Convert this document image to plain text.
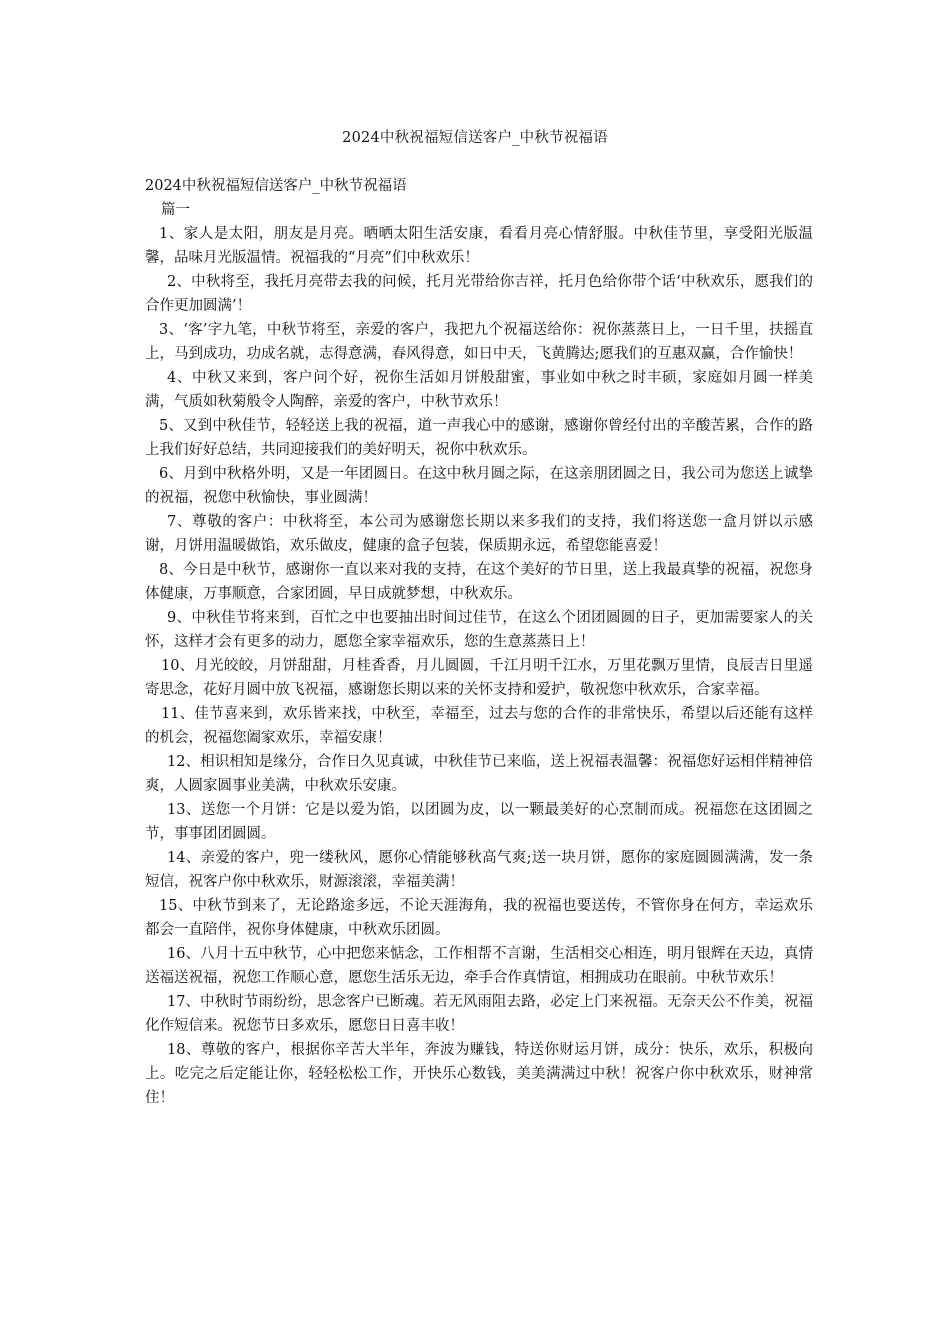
2024中秋祝福短信送客户_中秋节祝福语

2024中秋祝福短信送客户_中秋节祝福语

篇一

1、家人是太阳，朋友是月亮。晒晒太阳生活安康，看看月亮心情舒服。中秋佳节里，享受阳光版温馨，品味月光版温情。祝福我的“月亮”们中秋欢乐！

2、中秋将至，我托月亮带去我的问候，托月光带给你吉祥，托月色给你带个话‘中秋欢乐，愿我们的合作更加圆满’！

3、‘客’字九笔，中秋节将至，亲爱的客户，我把九个祝福送给你：祝你蒸蒸日上，一日千里，扶摇直上，马到成功，功成名就，志得意满，春风得意，如日中天，飞黄腾达;愿我们的互惠双赢，合作愉快！

4、中秋又来到，客户问个好，祝你生活如月饼般甜蜜，事业如中秋之时丰硕，家庭如月圆一样美满，气质如秋菊般令人陶醉，亲爱的客户，中秋节欢乐！

5、又到中秋佳节，轻轻送上我的祝福，道一声我心中的感谢，感谢你曾经付出的辛酸苦累，合作的路上我们好好总结，共同迎接我们的美好明天，祝你中秋欢乐。

6、月到中秋格外明，又是一年团圆日。在这中秋月圆之际，在这亲朋团圆之日，我公司为您送上诚挚的祝福，祝您中秋愉快，事业圆满！

7、尊敬的客户：中秋将至，本公司为感谢您长期以来多我们的支持，我们将送您一盒月饼以示感谢，月饼用温暖做馅，欢乐做皮，健康的盒子包装，保质期永远，希望您能喜爱！

8、今日是中秋节，感谢你一直以来对我的支持，在这个美好的节日里，送上我最真挚的祝福，祝您身体健康，万事顺意，合家团圆，早日成就梦想，中秋欢乐。

9、中秋佳节将来到，百忙之中也要抽出时间过佳节，在这么个团团圆圆的日子，更加需要家人的关怀，这样才会有更多的动力，愿您全家幸福欢乐，您的生意蒸蒸日上！

10、月光皎皎，月饼甜甜，月桂香香，月儿圆圆，千江月明千江水，万里花飘万里情，良辰吉日里遥寄思念，花好月圆中放飞祝福，感谢您长期以来的关怀支持和爱护，敬祝您中秋欢乐，合家幸福。

11、佳节喜来到，欢乐皆来找，中秋至，幸福至，过去与您的合作的非常快乐，希望以后还能有这样的机会，祝福您阖家欢乐，幸福安康！

12、相识相知是缘分，合作日久见真诚，中秋佳节已来临，送上祝福表温馨：祝福您好运相伴精神倍爽，人圆家圆事业美满，中秋欢乐安康。

13、送您一个月饼：它是以爱为馅，以团圆为皮，以一颗最美好的心烹制而成。祝福您在这团圆之节，事事团团圆圆。

14、亲爱的客户，兜一缕秋风，愿你心情能够秋高气爽;送一块月饼，愿你的家庭圆圆满满，发一条短信，祝客户你中秋欢乐，财源滚滚，幸福美满！

15、中秋节到来了，无论路途多远，不论天涯海角，我的祝福也要送传，不管你身在何方，幸运欢乐都会一直陪伴，祝你身体健康，中秋欢乐团圆。

16、八月十五中秋节，心中把您来惦念，工作相帮不言谢，生活相交心相连，明月银辉在天边，真情送福送祝福，祝您工作顺心意，愿您生活乐无边，牵手合作真情谊，相拥成功在眼前。中秋节欢乐！

17、中秋时节雨纷纷，思念客户已断魂。若无风雨阻去路，必定上门来祝福。无奈天公不作美，祝福化作短信来。祝您节日多欢乐，愿您日日喜丰收！

18、尊敬的客户，根据你辛苦大半年，奔波为赚钱，特送你财运月饼，成分：快乐，欢乐，积极向上。吃完之后定能让你，轻轻松松工作，开快乐心数钱，美美满满过中秋！祝客户你中秋欢乐，财神常住！
